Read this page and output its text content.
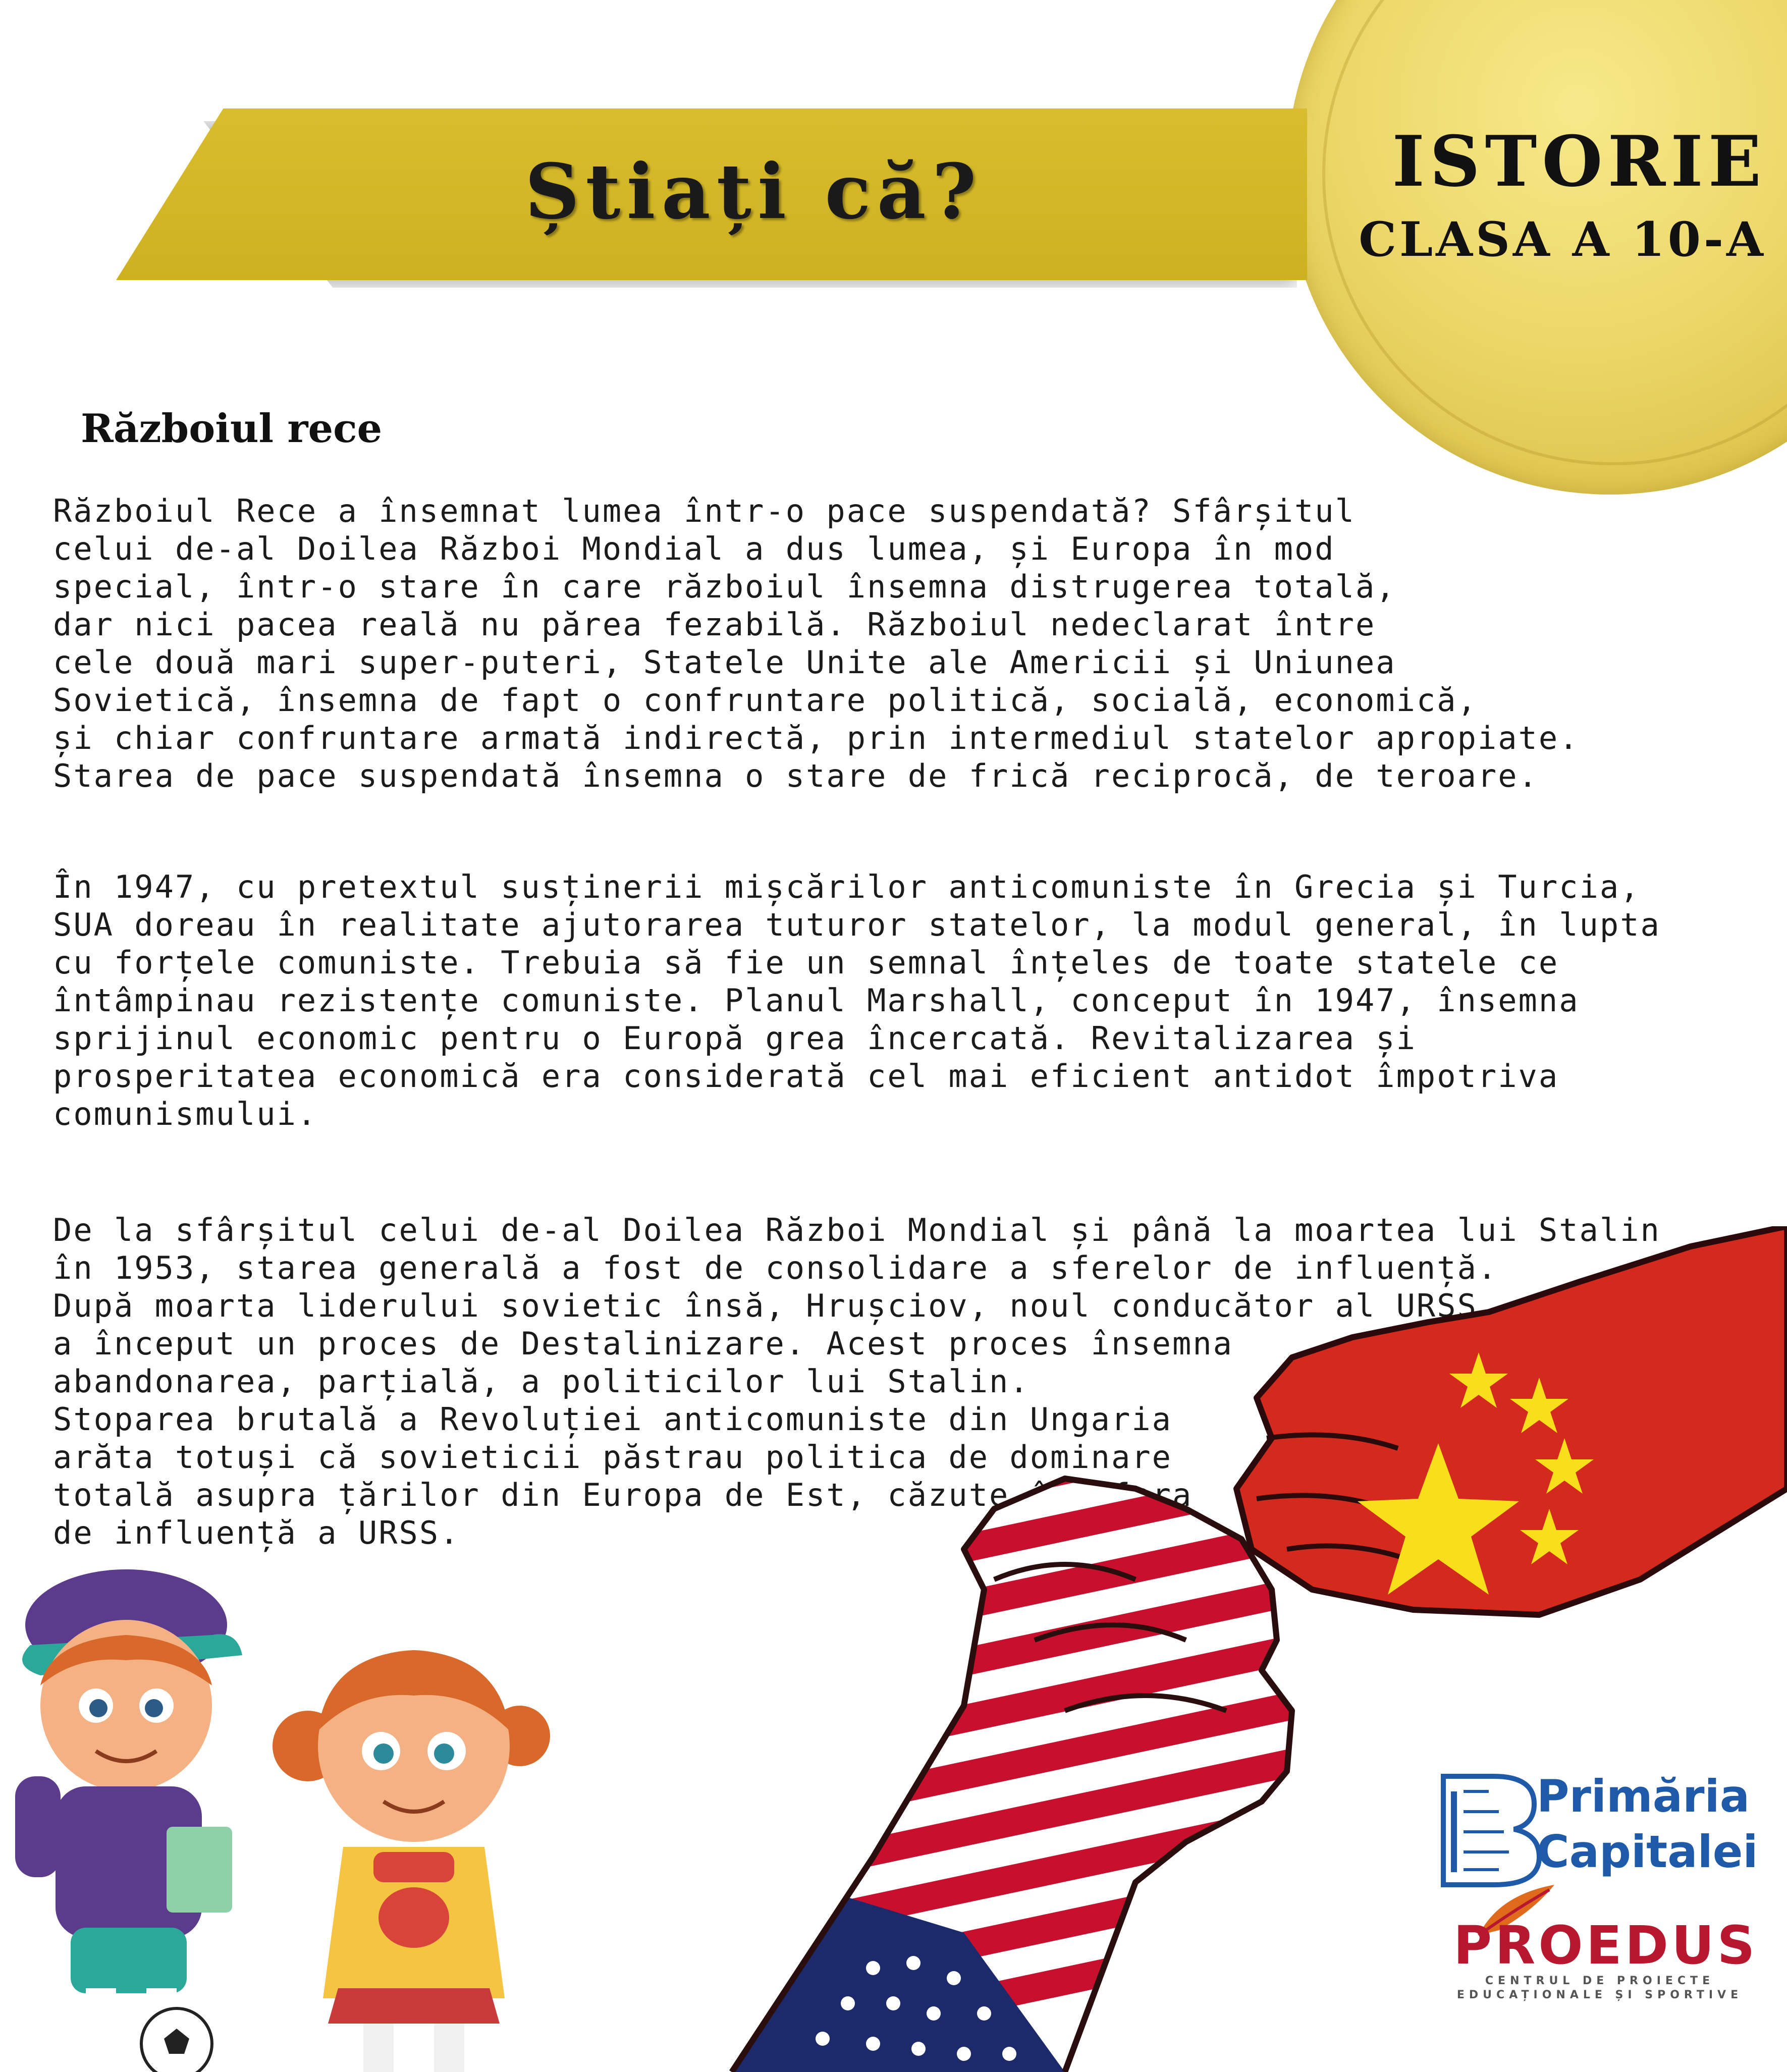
Știați că?	ISTORIE
CLASA A 10-A
Războiul rece
Războiul Rece a însemnat lumea într-o pace suspendată? Sfârșitul
celui de-al Doilea Război Mondial a dus lumea, și Europa în mod
special, într-o stare în care războiul însemna distrugerea totală,
dar nici pacea reală nu părea fezabilă. Războiul nedeclarat între
cele două mari super-puteri, Statele Unite ale Americii și Uniunea
Sovietică, însemna de fapt o confruntare politică, socială, economică,
și chiar confruntare armată indirectă, prin intermediul statelor apropiate.
Starea de pace suspendată însemna o stare de frică reciprocă, de teroare.
În 1947, cu pretextul susținerii mișcărilor anticomuniste în Grecia și Turcia,
SUA doreau în realitate ajutorarea tuturor statelor, la modul general, în lupta
cu forțele comuniste. Trebuia să fie un semnal înțeles de toate statele ce
întâmpinau rezistențe comuniste. Planul Marshall, conceput în 1947, însemna
sprijinul economic pentru o Europă grea încercată. Revitalizarea și
prosperitatea economică era considerată cel mai eficient antidot împotriva
comunismului.
De la sfârșitul celui de-al Doilea Război Mondial și până la moartea lui Stalin
în 1953, starea generală a fost de consolidare a sferelor de influență.
După moarta liderului sovietic însă, Hrușciov, noul conducător al URSS,
a început un proces de Destalinizare. Acest proces însemna
abandonarea, parțială, a politicilor lui Stalin.
Stoparea brutală a Revoluției anticomuniste din Ungaria
arăta totuși că sovieticii păstrau politica de dominare
totală asupra țărilor din Europa de Est, căzute
de influență a URSS.
Primăria
Capitalei
PROEDUS
CENTRUL DE PROIECTE
EDUCAȚIONALE ȘI SPORTIVE
